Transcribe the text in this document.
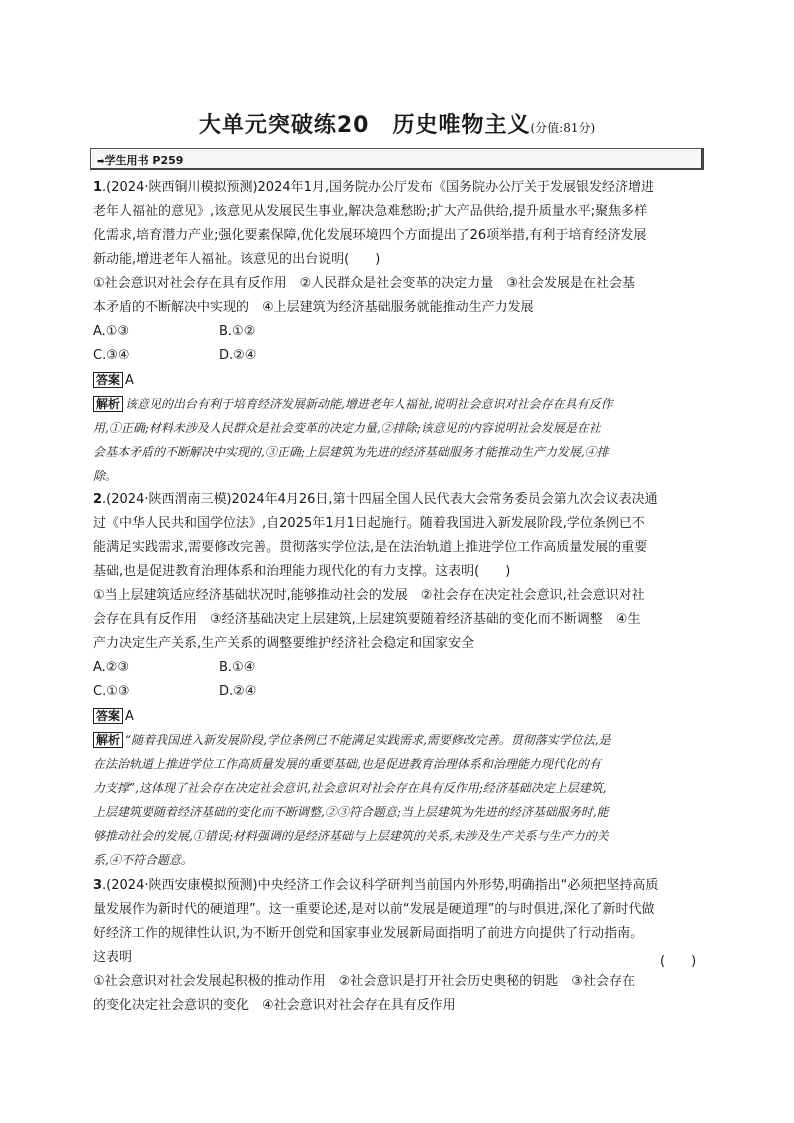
大单元突破练20　历史唯物主义(分值:81分)
➡学生用书 P259
1.(2024·陕西铜川模拟预测)2024年1月,国务院办公厅发布《国务院办公厅关于发展银发经济增进
老年人福祉的意见》,该意见从发展民生事业,解决急难愁盼;扩大产品供给,提升质量水平;聚焦多样
化需求,培育潜力产业;强化要素保障,优化发展环境四个方面提出了26项举措,有利于培育经济发展
新动能,增进老年人福祉。该意见的出台说明(　　)
①社会意识对社会存在具有反作用　②人民群众是社会变革的决定力量　③社会发展是在社会基
本矛盾的不断解决中实现的　④上层建筑为经济基础服务就能推动生产力发展
A.①③	B.①②
C.③④	D.②④
答案 A
解析 该意见的出台有利于培育经济发展新动能,增进老年人福祉,说明社会意识对社会存在具有反作
用,①正确;材料未涉及人民群众是社会变革的决定力量,②排除;该意见的内容说明社会发展是在社
会基本矛盾的不断解决中实现的,③正确;上层建筑为先进的经济基础服务才能推动生产力发展,④排
除。
2.(2024·陕西渭南三模)2024年4月26日,第十四届全国人民代表大会常务委员会第九次会议表决通
过《中华人民共和国学位法》,自2025年1月1日起施行。随着我国进入新发展阶段,学位条例已不
能满足实践需求,需要修改完善。贯彻落实学位法,是在法治轨道上推进学位工作高质量发展的重要
基础,也是促进教育治理体系和治理能力现代化的有力支撑。这表明(　　)
①当上层建筑适应经济基础状况时,能够推动社会的发展　②社会存在决定社会意识,社会意识对社
会存在具有反作用　③经济基础决定上层建筑,上层建筑要随着经济基础的变化而不断调整　④生
产力决定生产关系,生产关系的调整要维护经济社会稳定和国家安全
A.②③	B.①④
C.①③	D.②④
答案 A
解析 “随着我国进入新发展阶段,学位条例已不能满足实践需求,需要修改完善。贯彻落实学位法,是
在法治轨道上推进学位工作高质量发展的重要基础,也是促进教育治理体系和治理能力现代化的有
力支撑”,这体现了社会存在决定社会意识,社会意识对社会存在具有反作用;经济基础决定上层建筑,
上层建筑要随着经济基础的变化而不断调整,②③符合题意;当上层建筑为先进的经济基础服务时,能
够推动社会的发展,①错误;材料强调的是经济基础与上层建筑的关系,未涉及生产关系与生产力的关
系,④不符合题意。
3.(2024·陕西安康模拟预测)中央经济工作会议科学研判当前国内外形势,明确指出“必须把坚持高质
量发展作为新时代的硬道理”。这一重要论述,是对以前“发展是硬道理”的与时俱进,深化了新时代做
好经济工作的规律性认识,为不断开创党和国家事业发展新局面指明了前进方向提供了行动指南。
这表明	(　　)
①社会意识对社会发展起积极的推动作用　②社会意识是打开社会历史奥秘的钥匙　③社会存在
的变化决定社会意识的变化　④社会意识对社会存在具有反作用
